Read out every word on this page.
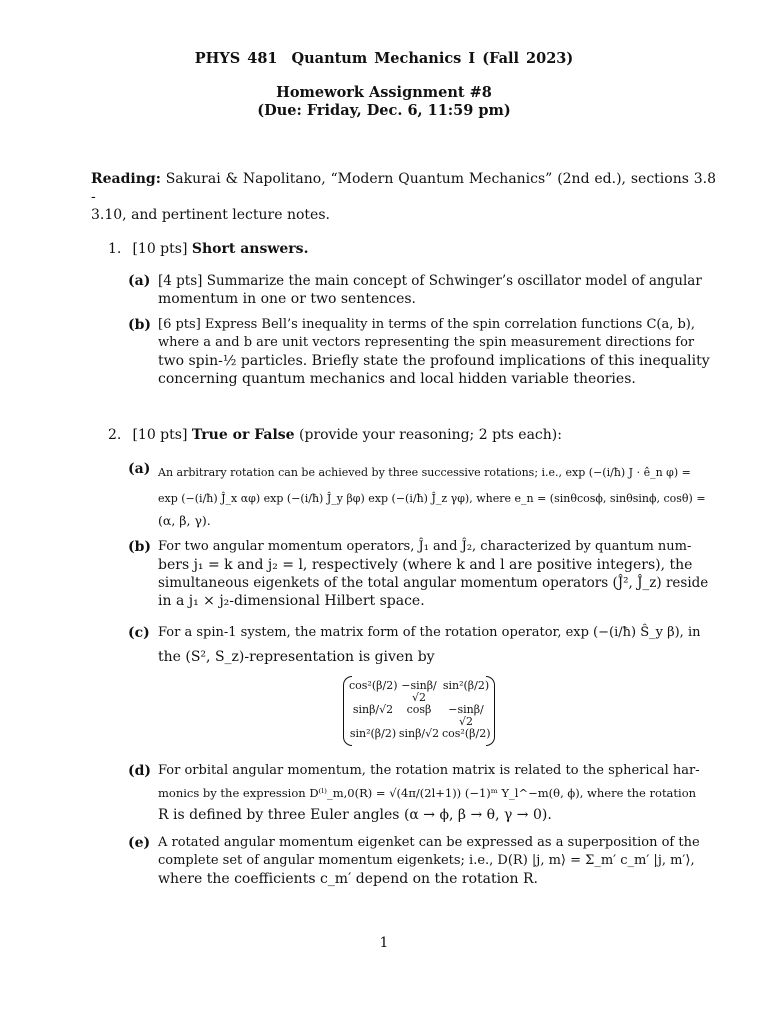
PHYS 481 Quantum Mechanics I (Fall 2023)
Homework Assignment #8
(Due: Friday, Dec. 6, 11:59 pm)
Reading: Sakurai & Napolitano, “Modern Quantum Mechanics” (2nd ed.), sections 3.8 -
3.10, and pertinent lecture notes.
1. [10 pts] Short answers.
(a) [4 pts] Summarize the main concept of Schwinger’s oscillator model of angular
momentum in one or two sentences.
(b) [6 pts] Express Bell’s inequality in terms of the spin correlation functions C(a, b),
where a and b are unit vectors representing the spin measurement directions for
two spin-½ particles. Briefly state the profound implications of this inequality
concerning quantum mechanics and local hidden variable theories.
2. [10 pts] True or False (provide your reasoning; 2 pts each):
(a) An arbitrary rotation can be achieved by three successive rotations; i.e., exp (−(i/ħ) J · ê_n φ) =
exp (−(i/ħ) Ĵ_x αφ) exp (−(i/ħ) Ĵ_y βφ) exp (−(i/ħ) Ĵ_z γφ), where e_n = (sinθcosϕ, sinθsinϕ, cosθ) =
(α, β, γ).
(b) For two angular momentum operators, Ĵ₁ and Ĵ₂, characterized by quantum num-
bers j₁ = k and j₂ = l, respectively (where k and l are positive integers), the
simultaneous eigenkets of the total angular momentum operators (Ĵ², Ĵ_z) reside
in a j₁ × j₂-dimensional Hilbert space.
(c) For a spin-1 system, the matrix form of the rotation operator, exp (−(i/ħ) Ŝ_y β), in
the (S², S_z)-representation is given by
cos²(β/2) −sinβ/√2
sin²(β/2)
sinβ/√2	cosβ	−sinβ/√2
sin²(β/2) sinβ/√2 cos²(β/2)
(d) For orbital angular momentum, the rotation matrix is related to the spherical har-
monics by the expression D⁽ˡ⁾_m,0(R) = √(4π/(2l+1)) (−1)ᵐ Y_l^−m(θ, ϕ), where the rotation
R is defined by three Euler angles (α → ϕ, β → θ, γ → 0).
(e) A rotated angular momentum eigenket can be expressed as a superposition of the
complete set of angular momentum eigenkets; i.e., D(R) |j, m⟩ = Σ_m′ c_m′ |j, m′⟩,
where the coefficients c_m′ depend on the rotation R.
1
